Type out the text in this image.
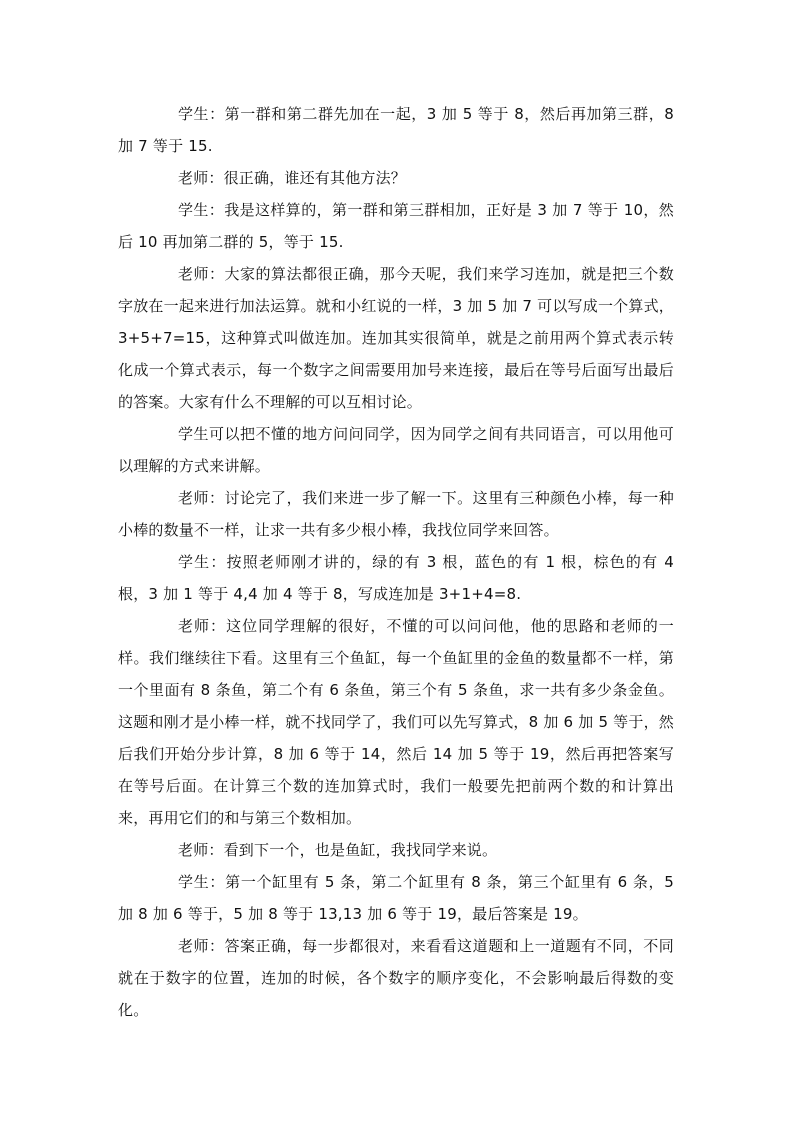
学生：第一群和第二群先加在一起，3 加 5 等于 8，然后再加第三群，8 加 7 等于 15.

老师：很正确，谁还有其他方法？

学生：我是这样算的，第一群和第三群相加，正好是 3 加 7 等于 10，然后 10 再加第二群的 5，等于 15.

老师：大家的算法都很正确，那今天呢，我们来学习连加，就是把三个数字放在一起来进行加法运算。就和小红说的一样，3 加 5 加 7 可以写成一个算式，3+5+7=15，这种算式叫做连加。连加其实很简单，就是之前用两个算式表示转化成一个算式表示，每一个数字之间需要用加号来连接，最后在等号后面写出最后的答案。大家有什么不理解的可以互相讨论。

学生可以把不懂的地方问问同学，因为同学之间有共同语言，可以用他可以理解的方式来讲解。

老师：讨论完了，我们来进一步了解一下。这里有三种颜色小棒，每一种小棒的数量不一样，让求一共有多少根小棒，我找位同学来回答。

学生：按照老师刚才讲的，绿的有 3 根，蓝色的有 1 根，棕色的有 4 根，3 加 1 等于 4,4 加 4 等于 8，写成连加是 3+1+4=8.

老师：这位同学理解的很好，不懂的可以问问他，他的思路和老师的一样。我们继续往下看。这里有三个鱼缸，每一个鱼缸里的金鱼的数量都不一样，第一个里面有 8 条鱼，第二个有 6 条鱼，第三个有 5 条鱼，求一共有多少条金鱼。这题和刚才是小棒一样，就不找同学了，我们可以先写算式，8 加 6 加 5 等于，然后我们开始分步计算，8 加 6 等于 14，然后 14 加 5 等于 19，然后再把答案写在等号后面。在计算三个数的连加算式时，我们一般要先把前两个数的和计算出来，再用它们的和与第三个数相加。

老师：看到下一个，也是鱼缸，我找同学来说。

学生：第一个缸里有 5 条，第二个缸里有 8 条，第三个缸里有 6 条，5 加 8 加 6 等于，5 加 8 等于 13,13 加 6 等于 19，最后答案是 19。

老师：答案正确，每一步都很对，来看看这道题和上一道题有不同，不同就在于数字的位置，连加的时候，各个数字的顺序变化，不会影响最后得数的变化。
